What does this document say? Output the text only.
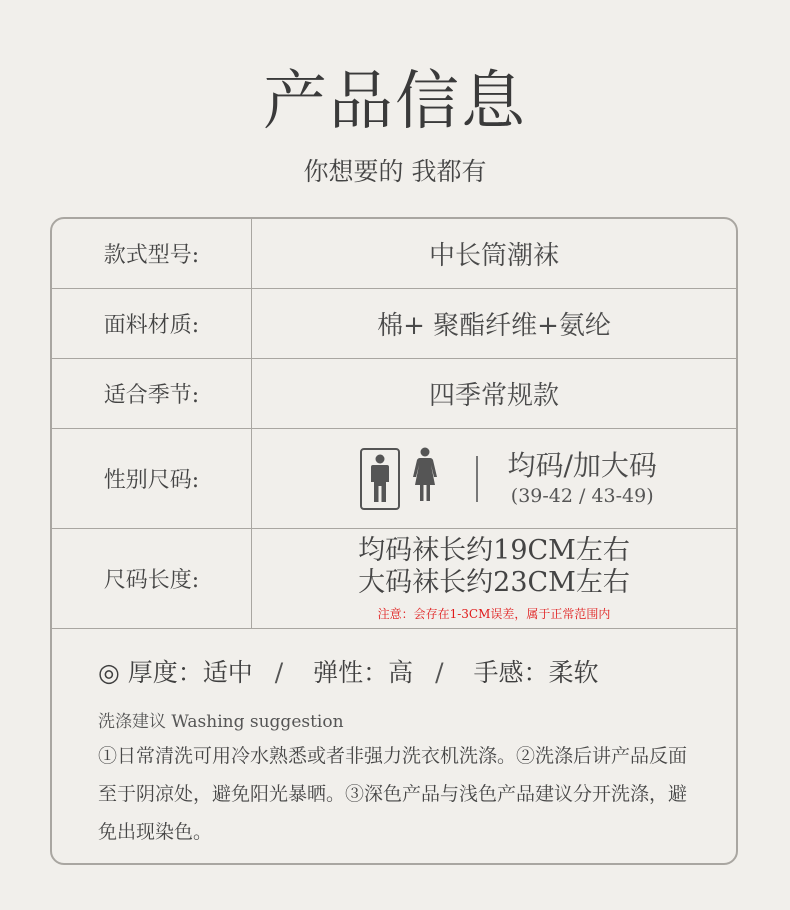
产品信息
你想要的 我都有
款式型号:	中长筒潮袜
面料材质:	棉+ 聚酯纤维+氨纶
适合季节:	四季常规款
性别尺码:	均码/加大码
(39-42 / 43-49)
尺码长度:
均码袜长约19CM左右
大码袜长约23CM左右
注意：会存在1-3CM误差，属于正常范围内
◎ 厚度：适中 / 弹性：高 / 手感：柔软
洗涤建议 Washing suggestion
①日常清洗可用冷水熟悉或者非强力洗衣机洗涤。②洗涤后讲产品反面至于阴凉处，避免阳光暴晒。③深色产品与浅色产品建议分开洗涤，避免出现染色。
